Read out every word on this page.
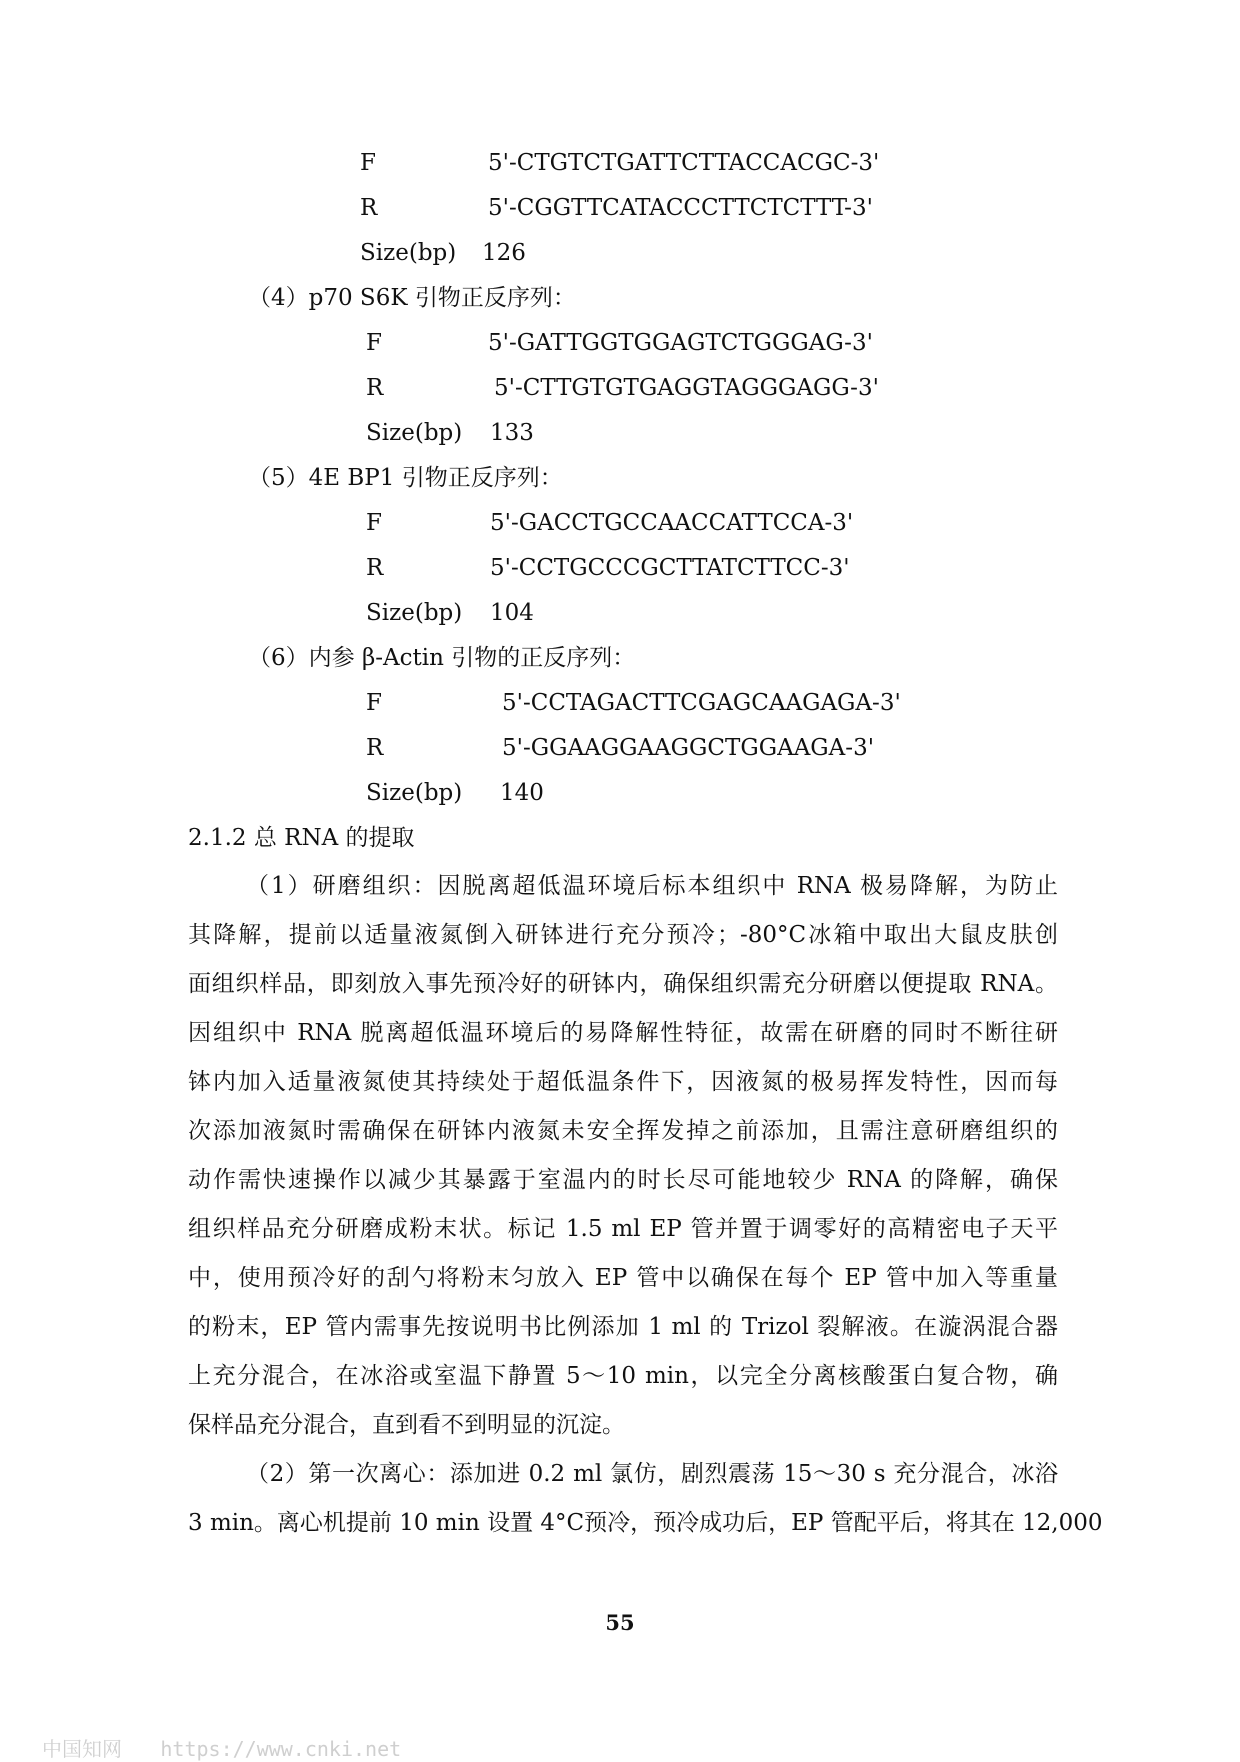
F	5'-CTGTCTGATTCTTACCACGC-3'
R	5'-CGGTTCATACCCTTCTCTTT-3'
Size(bp) 126
（4）p70 S6K 引物正反序列：
F	5'-GATTGGTGGAGTCTGGGAG-3'
R	5'-CTTGTGTGAGGTAGGGAGG-3'
Size(bp) 133
（5）4E BP1 引物正反序列：
F	5'-GACCTGCCAACCATTCCA-3'
R	5'-CCTGCCCGCTTATCTTCC-3'
Size(bp) 104
（6）内参 β-Actin 引物的正反序列：
F	5'-CCTAGACTTCGAGCAAGAGA-3'
R	5'-GGAAGGAAGGCTGGAAGA-3'
Size(bp) 140
2.1.2 总 RNA 的提取
（1）研磨组织：因脱离超低温环境后标本组织中 RNA 极易降解，为防止
其降解，提前以适量液氮倒入研钵进行充分预冷；-80°C冰箱中取出大鼠皮肤创
面组织样品，即刻放入事先预冷好的研钵内，确保组织需充分研磨以便提取 RNA。
因组织中 RNA 脱离超低温环境后的易降解性特征，故需在研磨的同时不断往研
钵内加入适量液氮使其持续处于超低温条件下，因液氮的极易挥发特性，因而每
次添加液氮时需确保在研钵内液氮未安全挥发掉之前添加，且需注意研磨组织的
动作需快速操作以减少其暴露于室温内的时长尽可能地较少 RNA 的降解，确保
组织样品充分研磨成粉末状。标记 1.5 ml EP 管并置于调零好的高精密电子天平
中，使用预冷好的刮勺将粉末匀放入 EP 管中以确保在每个 EP 管中加入等重量
的粉末，EP 管内需事先按说明书比例添加 1 ml 的 Trizol 裂解液。在漩涡混合器
上充分混合，在冰浴或室温下静置 5～10 min，以完全分离核酸蛋白复合物，确
保样品充分混合，直到看不到明显的沉淀。
（2）第一次离心：添加进 0.2 ml 氯仿，剧烈震荡 15～30 s 充分混合，冰浴
3 min。离心机提前 10 min 设置 4°C预冷，预冷成功后，EP 管配平后，将其在 12,000
55
中国知网 https://www.cnki.net
